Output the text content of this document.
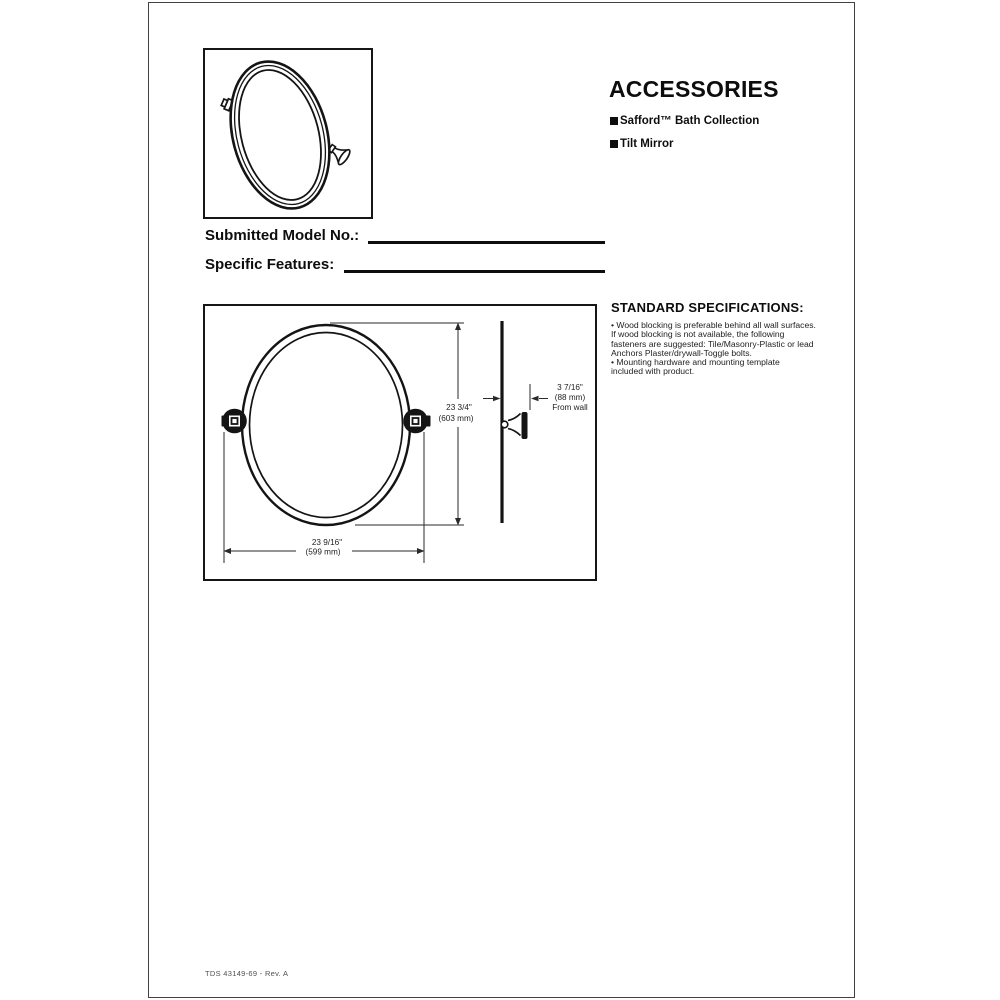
ACCESSORIES
Safford™ Bath Collection
Tilt Mirror
Submitted Model No.:
Specific Features:
23 3/4"
(603 mm)
23 9/16"
(599 mm)
3 7/16"
(88 mm)
From wall
STANDARD SPECIFICATIONS:
• Wood blocking is preferable behind all wall surfaces.
If wood blocking is not available, the following
fasteners are suggested: Tile/Masonry-Plastic or lead
Anchors Plaster/drywall-Toggle bolts.
• Mounting hardware and mounting template
included with product.
TDS 43149-69 - Rev. A
